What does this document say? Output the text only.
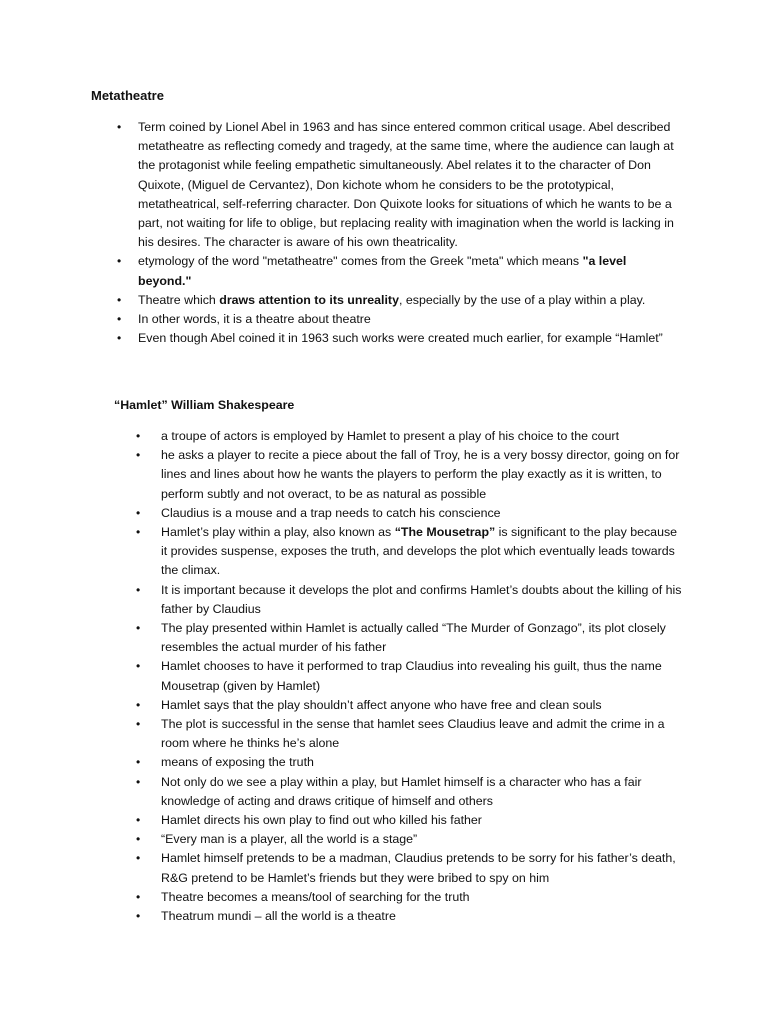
Metatheatre
• Term coined by Lionel Abel in 1963 and has since entered common critical usage. Abel described metatheatre as reflecting comedy and tragedy, at the same time, where the audience can laugh at the protagonist while feeling empathetic simultaneously. Abel relates it to the character of Don Quixote, (Miguel de Cervantez), Don kichote whom he considers to be the prototypical, metatheatrical, self-referring character. Don Quixote looks for situations of which he wants to be a part, not waiting for life to oblige, but replacing reality with imagination when the world is lacking in his desires. The character is aware of his own theatricality.
• etymology of the word "metatheatre" comes from the Greek "meta" which means "a level beyond."
• Theatre which draws attention to its unreality, especially by the use of a play within a play.
• In other words, it is a theatre about theatre
• Even though Abel coined it in 1963 such works were created much earlier, for example “Hamlet”
“Hamlet” William Shakespeare
• a troupe of actors is employed by Hamlet to present a play of his choice to the court
• he asks a player to recite a piece about the fall of Troy, he is a very bossy director, going on for lines and lines about how he wants the players to perform the play exactly as it is written, to perform subtly and not overact, to be as natural as possible
• Claudius is a mouse and a trap needs to catch his conscience
• Hamlet’s play within a play, also known as “The Mousetrap” is significant to the play because it provides suspense, exposes the truth, and develops the plot which eventually leads towards the climax.
• It is important because it develops the plot and confirms Hamlet’s doubts about the killing of his father by Claudius
• The play presented within Hamlet is actually called “The Murder of Gonzago”, its plot closely resembles the actual murder of his father
• Hamlet chooses to have it performed to trap Claudius into revealing his guilt, thus the name Mousetrap (given by Hamlet)
• Hamlet says that the play shouldn’t affect anyone who have free and clean souls
• The plot is successful in the sense that hamlet sees Claudius leave and admit the crime in a room where he thinks he’s alone
• means of exposing the truth
• Not only do we see a play within a play, but Hamlet himself is a character who has a fair knowledge of acting and draws critique of himself and others
• Hamlet directs his own play to find out who killed his father
• “Every man is a player, all the world is a stage”
• Hamlet himself pretends to be a madman, Claudius pretends to be sorry for his father’s death, R&G pretend to be Hamlet’s friends but they were bribed to spy on him
• Theatre becomes a means/tool of searching for the truth
• Theatrum mundi – all the world is a theatre
